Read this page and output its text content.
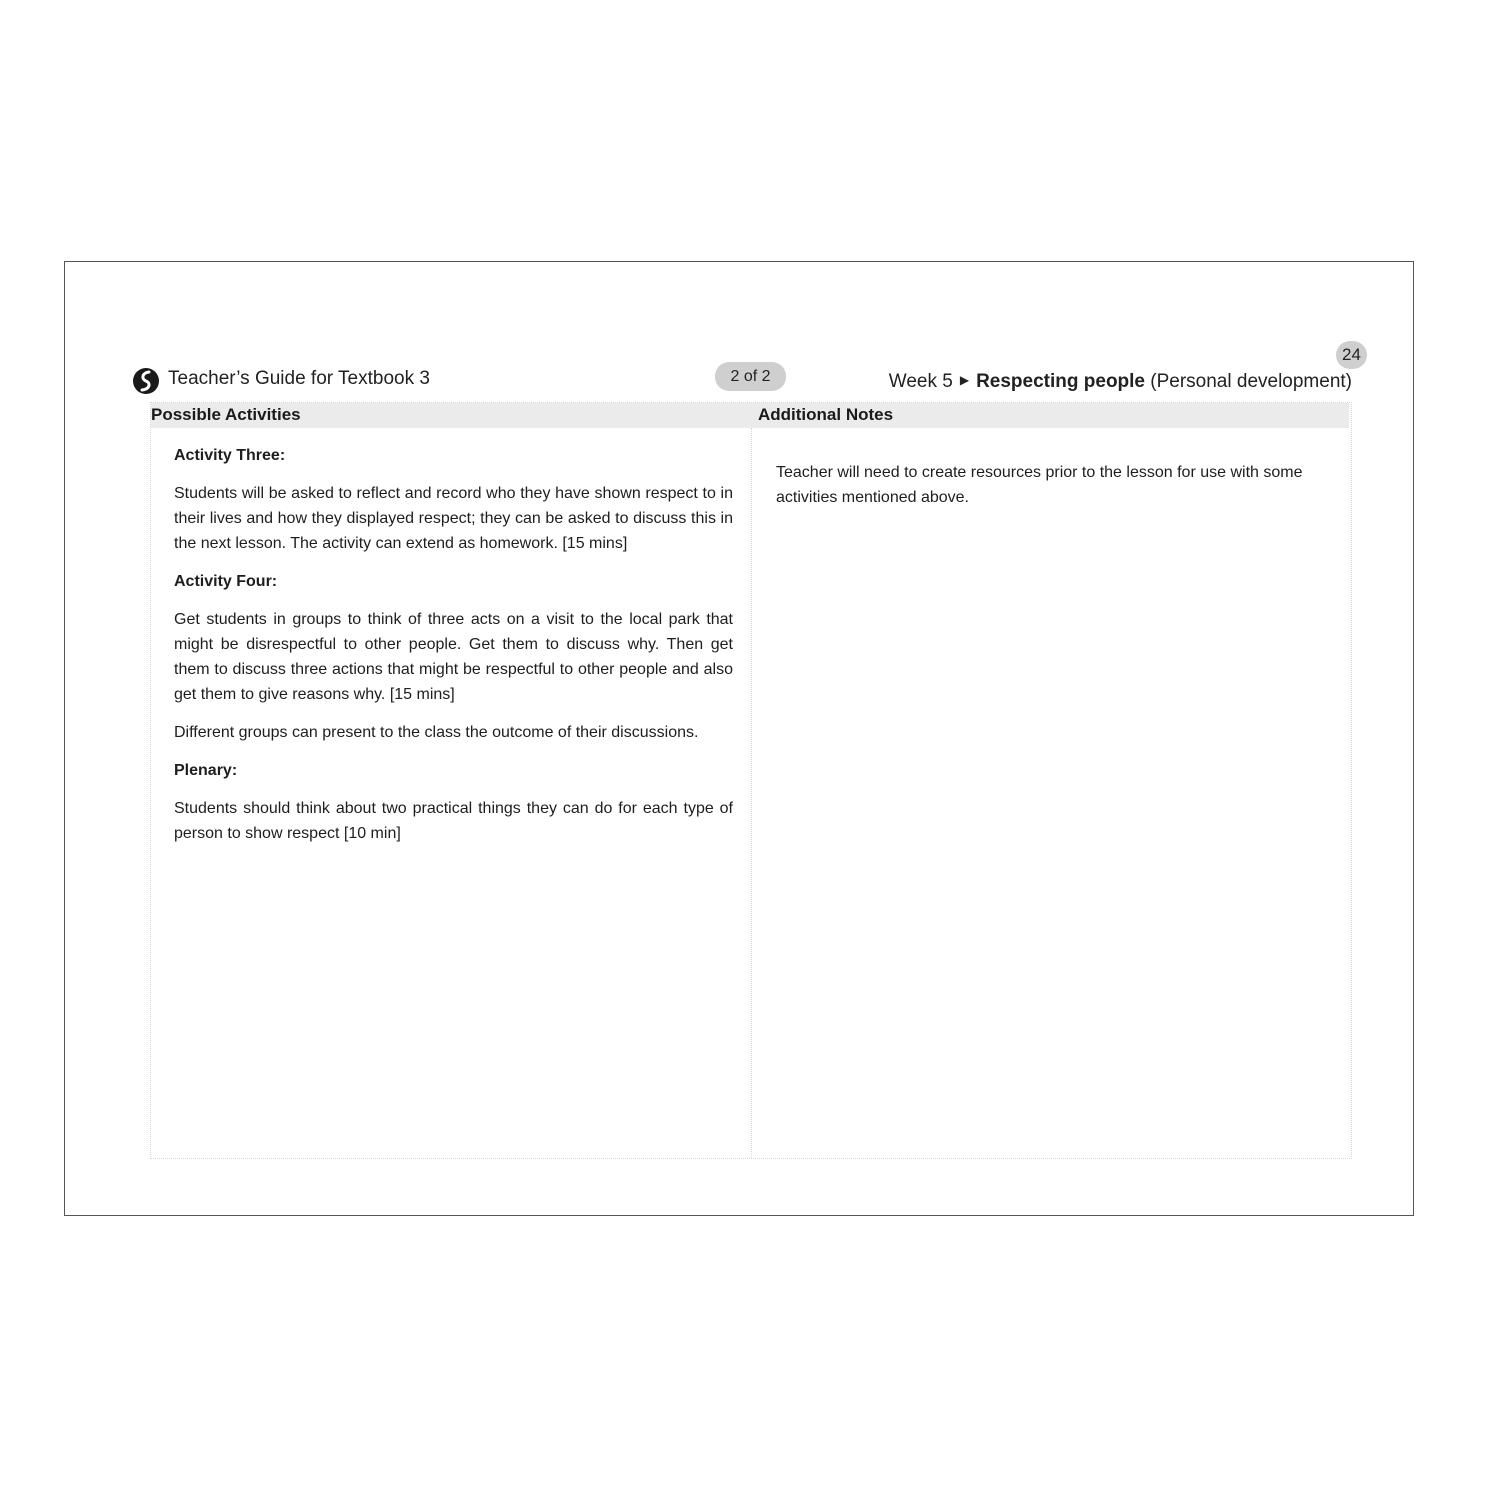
Teacher’s Guide for Textbook 3	2 of 2
24
Week 5 ▶ Respecting people (Personal development)
Possible Activities	Additional Notes

Activity Three:

Students will be asked to reflect and record who they have shown respect to in their lives and how they displayed respect; they can be asked to discuss this in the next lesson. The activity can extend as homework. [15 mins]

Activity Four:

Get students in groups to think of three acts on a visit to the local park that might be disrespectful to other people. Get them to discuss why. Then get them to discuss three actions that might be respectful to other people and also get them to give reasons why. [15 mins]

Different groups can present to the class the outcome of their discussions.

Plenary:

Students should think about two practical things they can do for each type of person to show respect [10 min]

Teacher will need to create resources prior to the lesson for use with some activities mentioned above.
